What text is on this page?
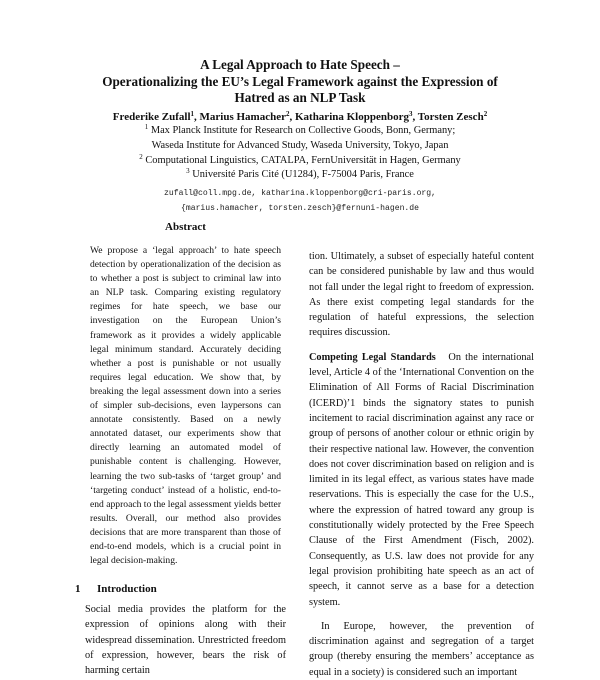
A Legal Approach to Hate Speech –
Operationalizing the EU’s Legal Framework against the Expression of
Hatred as an NLP Task
Frederike Zufall$^1$, Marius Hamacher$^2$, Katharina Kloppenborg$^3$, Torsten Zesch$^2$
$^1$ Max Planck Institute for Research on Collective Goods, Bonn, Germany;
Waseda Institute for Advanced Study, Waseda University, Tokyo, Japan
$^2$ Computational Linguistics, CATALPA, FernUniversität in Hagen, Germany
$^3$ Université Paris Cité (U1284), F-75004 Paris, France
zufall@coll.mpg.de, katharina.kloppenborg@cri-paris.org,
{marius.hamacher, torsten.zesch}@fernuni-hagen.de
Abstract

We propose a ‘legal approach’ to hate speech detection by operationalization of the decision as to whether a post is subject to criminal law into an NLP task. Comparing existing regulatory regimes for hate speech, we base our investigation on the European Union’s framework as it provides a widely applicable legal minimum standard. Accurately deciding whether a post is punishable or not usually requires legal education. We show that, by breaking the legal assessment down into a series of simpler sub-decisions, even laypersons can annotate consistently. Based on a newly annotated dataset, our experiments show that directly learning an automated model of punishable content is challenging. However, learning the two sub-tasks of ‘target group’ and ‘targeting conduct’ instead of a holistic, end-to-end approach to the legal assessment yields better results. Overall, our method also provides decisions that are more transparent than those of end-to-end models, which is a crucial point in legal decision-making.

1 Introduction

Social media provides the platform for the expression of opinions along with their widespread dissemination. Unrestricted freedom of expression, however, bears the risk of harming certain

tion. Ultimately, a subset of especially hateful content can be considered punishable by law and thus would not fall under the legal right to freedom of expression. As there exist competing legal standards for the regulation of hateful expressions, the selection requires discussion.

Competing Legal Standards On the international level, Article 4 of the ‘International Convention on the Elimination of All Forms of Racial Discrimination (ICERD)’1 binds the signatory states to punish incitement to racial discrimination against any race or group of persons of another colour or ethnic origin by their respective national law. However, the convention does not cover discrimination based on religion and is limited in its legal effect, as various states have made reservations. This is especially the case for the U.S., where the expression of hatred toward any group is constitutionally widely protected by the Free Speech Clause of the First Amendment (Fisch, 2002). Consequently, as U.S. law does not provide for any legal provision prohibiting hate speech as an act of speech, it cannot serve as a base for a detection system.

In Europe, however, the prevention of discrimination against and segregation of a target group (thereby ensuring the members’ acceptance as equal in a society) is considered such an important
